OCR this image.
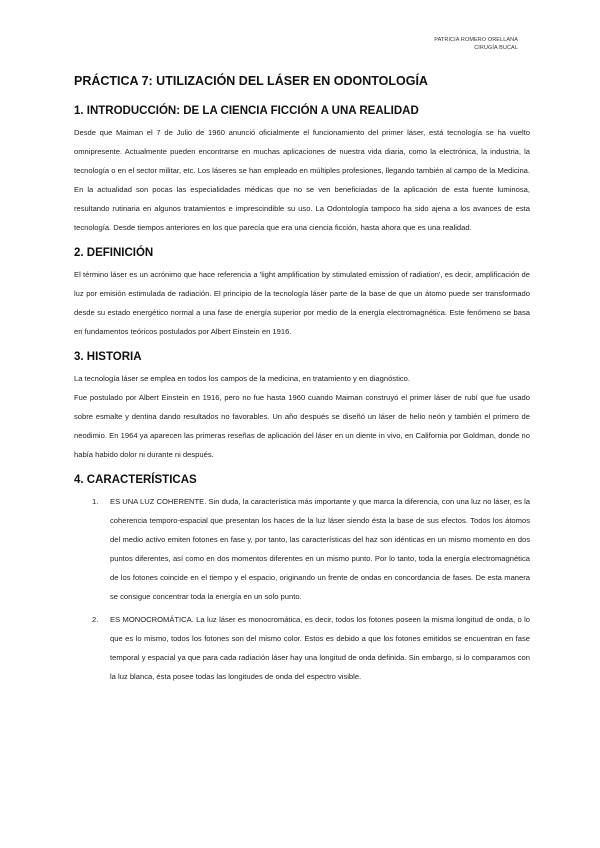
PATRICIA ROMERO ORELLANA
CIRUGÍA BUCAL
PRÁCTICA 7: UTILIZACIÓN DEL LÁSER EN ODONTOLOGÍA
1. INTRODUCCIÓN: DE LA CIENCIA FICCIÓN A UNA REALIDAD

Desde que Maiman el 7 de Julio de 1960 anunció oficialmente el funcionamiento del primer láser, está tecnología se ha vuelto omnipresente. Actualmente pueden encontrarse en muchas aplicaciones de nuestra vida diaria, como la electrónica, la industria, la tecnología o en el sector militar, etc. Los láseres se han empleado en múltiples profesiones, llegando también al campo de la Medicina. En la actualidad son pocas las especialidades médicas que no se ven beneficiadas de la aplicación de esta fuente luminosa, resultando rutinaria en algunos tratamientos e imprescindible su uso. La Odontología tampoco ha sido ajena a los avances de esta tecnología. Desde tiempos anteriores en los que parecía que era una ciencia ficción, hasta ahora que es una realidad.

2. DEFINICIÓN

El término láser es un acrónimo que hace referencia a 'light amplification by stimulated emission of radiation', es decir, amplificación de luz por emisión estimulada de radiación. El principio de la tecnología láser parte de la base de que un átomo puede ser transformado desde su estado energético normal a una fase de energía superior por medio de la energía electromagnética. Este fenómeno se basa en fundamentos teóricos postulados por Albert Einstein en 1916.

3. HISTORIA

La tecnología láser se emplea en todos los campos de la medicina, en tratamiento y en diagnóstico.

Fue postulado por Albert Einstein en 1916, pero no fue hasta 1960 cuando Maiman construyó el primer láser de rubí que fue usado sobre esmalte y dentina dando resultados no favorables. Un año después se diseñó un láser de helio neón y también el primero de neodimio. En 1964 ya aparecen las primeras reseñas de aplicación del láser en un diente in vivo, en California por Goldman, donde no había habido dolor ni durante ni después.

4. CARACTERÍSTICAS
1. ES UNA LUZ COHERENTE. Sin duda, la característica más importante y que marca la diferencia, con una luz no láser, es la coherencia temporo-espacial que presentan los haces de la luz láser siendo ésta la base de sus efectos. Todos los átomos del medio activo emiten fotones en fase y, por tanto, las características del haz son idénticas en un mismo momento en dos puntos diferentes, así como en dos momentos diferentes en un mismo punto. Por lo tanto, toda la energía electromagnética de los fotones coincide en el tiempo y el espacio, originando un frente de ondas en concordancia de fases. De esta manera se consigue concentrar toda la energía en un solo punto.

2. ES MONOCROMÁTICA. La luz láser es monocromática, es decir, todos los fotones poseen la misma longitud de onda, o lo que es lo mismo, todos los fotones son del mismo color. Estos es debido a que los fotones emitidos se encuentran en fase temporal y espacial ya que para cada radiación láser hay una longitud de onda definida. Sin embargo, si lo comparamos con la luz blanca, ésta posee todas las longitudes de onda del espectro visible.
